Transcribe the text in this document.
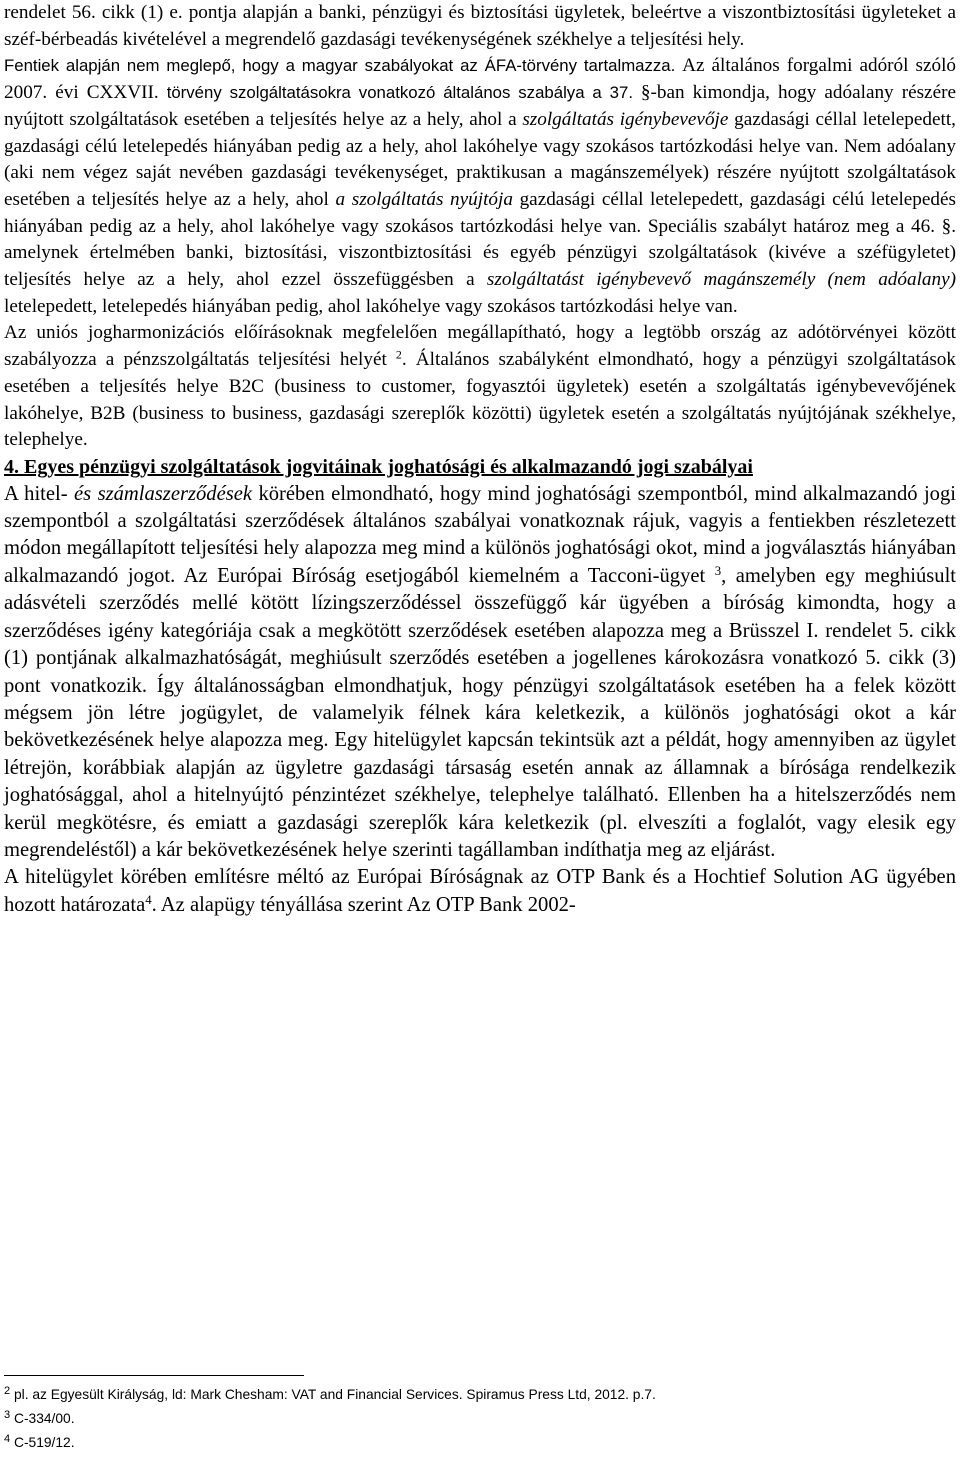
rendelet 56. cikk (1) e. pontja alapján a banki, pénzügyi és biztosítási ügyletek, beleértve a viszontbiztosítási ügyleteket a széf-bérbeadás kivételével a megrendelő gazdasági tevékenységének székhelye a teljesítési hely.

Fentiek alapján nem meglepő, hogy a magyar szabályokat az ÁFA-törvény tartalmazza. Az általános forgalmi adóról szóló 2007. évi CXXVII. törvény szolgáltatásokra vonatkozó általános szabálya a 37. §-ban kimondja, hogy adóalany részére nyújtott szolgáltatások esetében a teljesítés helye az a hely, ahol a szolgáltatás igénybevevője gazdasági céllal letelepedett, gazdasági célú letelepedés hiányában pedig az a hely, ahol lakóhelye vagy szokásos tartózkodási helye van. Nem adóalany (aki nem végez saját nevében gazdasági tevékenységet, praktikusan a magánszemélyek) részére nyújtott szolgáltatások esetében a teljesítés helye az a hely, ahol a szolgáltatás nyújtója gazdasági céllal letelepedett, gazdasági célú letelepedés hiányában pedig az a hely, ahol lakóhelye vagy szokásos tartózkodási helye van. Speciális szabályt határoz meg a 46. §. amelynek értelmében banki, biztosítási, viszontbiztosítási és egyéb pénzügyi szolgáltatások (kivéve a széfügyletet) teljesítés helye az a hely, ahol ezzel összefüggésben a szolgáltatást igénybevevő magánszemély (nem adóalany) letelepedett, letelepedés hiányában pedig, ahol lakóhelye vagy szokásos tartózkodási helye van.

Az uniós jogharmonizációs előírásoknak megfelelően megállapítható, hogy a legtöbb ország az adótörvényei között szabályozza a pénzszolgáltatás teljesítési helyét $^2$. Általános szabályként elmondható, hogy a pénzügyi szolgáltatások esetében a teljesítés helye B2C (business to customer, fogyasztói ügyletek) esetén a szolgáltatás igénybevevőjének lakóhelye, B2B (business to business, gazdasági szereplők közötti) ügyletek esetén a szolgáltatás nyújtójának székhelye, telephelye.

4. Egyes pénzügyi szolgáltatások jogvitáinak joghatósági és alkalmazandó jogi szabályai

A hitel- és számlaszerződések körében elmondható, hogy mind joghatósági szempontból, mind alkalmazandó jogi szempontból a szolgáltatási szerződések általános szabályai vonatkoznak rájuk, vagyis a fentiekben részletezett módon megállapított teljesítési hely alapozza meg mind a különös joghatósági okot, mind a jogválasztás hiányában alkalmazandó jogot. Az Európai Bíróság esetjogából kiemelném a Tacconi-ügyet $^3$, amelyben egy meghiúsult adásvételi szerződés mellé kötött lízingszerződéssel összefüggő kár ügyében a bíróság kimondta, hogy a szerződéses igény kategóriája csak a megkötött szerződések esetében alapozza meg a Brüsszel I. rendelet 5. cikk (1) pontjának alkalmazhatóságát, meghiúsult szerződés esetében a jogellenes károkozásra vonatkozó 5. cikk (3) pont vonatkozik. Így általánosságban elmondhatjuk, hogy pénzügyi szolgáltatások esetében ha a felek között mégsem jön létre jogügylet, de valamelyik félnek kára keletkezik, a különös joghatósági okot a kár bekövetkezésének helye alapozza meg. Egy hitelügylet kapcsán tekintsük azt a példát, hogy amennyiben az ügylet létrejön, korábbiak alapján az ügyletre gazdasági társaság esetén annak az államnak a bírósága rendelkezik joghatósággal, ahol a hitelnyújtó pénzintézet székhelye, telephelye található. Ellenben ha a hitelszerződés nem kerül megkötésre, és emiatt a gazdasági szereplők kára keletkezik (pl. elveszíti a foglalót, vagy elesik egy megrendeléstől) a kár bekövetkezésének helye szerinti tagállamban indíthatja meg az eljárást.

A hitelügylet körében említésre méltó az Európai Bíróságnak az OTP Bank és a Hochtief Solution AG ügyében hozott határozata$^4$. Az alapügy tényállása szerint Az OTP Bank 2002-

$^2$ pl. az Egyesült Királyság, ld: Mark Chesham: VAT and Financial Services. Spiramus Press Ltd, 2012. p.7.
$^3$ C-334/00.
$^4$ C-519/12.
